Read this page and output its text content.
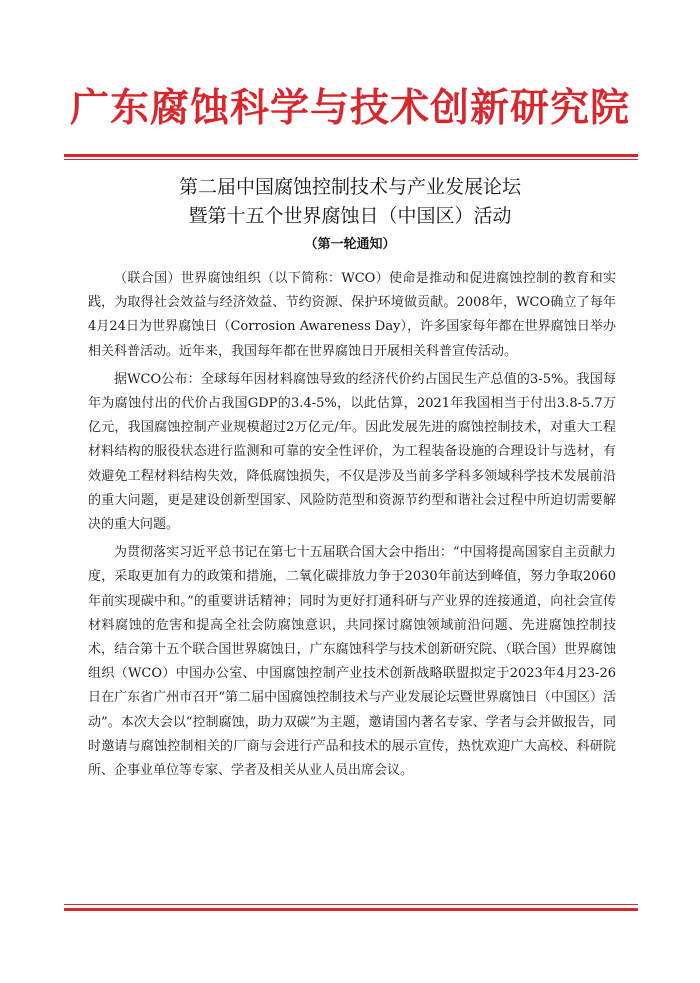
广东腐蚀科学与技术创新研究院
第二届中国腐蚀控制技术与产业发展论坛
暨第十五个世界腐蚀日（中国区）活动
（第一轮通知）

（联合国）世界腐蚀组织（以下简称：WCO）使命是推动和促进腐蚀控制的教育和实践，为取得社会效益与经济效益、节约资源、保护环境做贡献。2008年，WCO确立了每年4月24日为世界腐蚀日（Corrosion Awareness Day），许多国家每年都在世界腐蚀日举办相关科普活动。近年来，我国每年都在世界腐蚀日开展相关科普宣传活动。

据WCO公布：全球每年因材料腐蚀导致的经济代价约占国民生产总值的3-5%。我国每年为腐蚀付出的代价占我国GDP的3.4-5%，以此估算，2021年我国相当于付出3.8-5.7万亿元，我国腐蚀控制产业规模超过2万亿元/年。因此发展先进的腐蚀控制技术，对重大工程材料结构的服役状态进行监测和可靠的安全性评价，为工程装备设施的合理设计与选材，有效避免工程材料结构失效，降低腐蚀损失，不仅是涉及当前多学科多领域科学技术发展前沿的重大问题，更是建设创新型国家、风险防范型和资源节约型和谐社会过程中所迫切需要解决的重大问题。

为贯彻落实习近平总书记在第七十五届联合国大会中指出：“中国将提高国家自主贡献力度，采取更加有力的政策和措施，二氧化碳排放力争于2030年前达到峰值，努力争取2060年前实现碳中和。”的重要讲话精神；同时为更好打通科研与产业界的连接通道，向社会宣传材料腐蚀的危害和提高全社会防腐蚀意识，共同探讨腐蚀领域前沿问题、先进腐蚀控制技术，结合第十五个联合国世界腐蚀日，广东腐蚀科学与技术创新研究院、（联合国）世界腐蚀组织（WCO）中国办公室、中国腐蚀控制产业技术创新战略联盟拟定于2023年4月23-26日在广东省广州市召开“第二届中国腐蚀控制技术与产业发展论坛暨世界腐蚀日（中国区）活动”。本次大会以“控制腐蚀，助力双碳”为主题，邀请国内著名专家、学者与会并做报告，同时邀请与腐蚀控制相关的厂商与会进行产品和技术的展示宣传，热忱欢迎广大高校、科研院所、企事业单位等专家、学者及相关从业人员出席会议。
